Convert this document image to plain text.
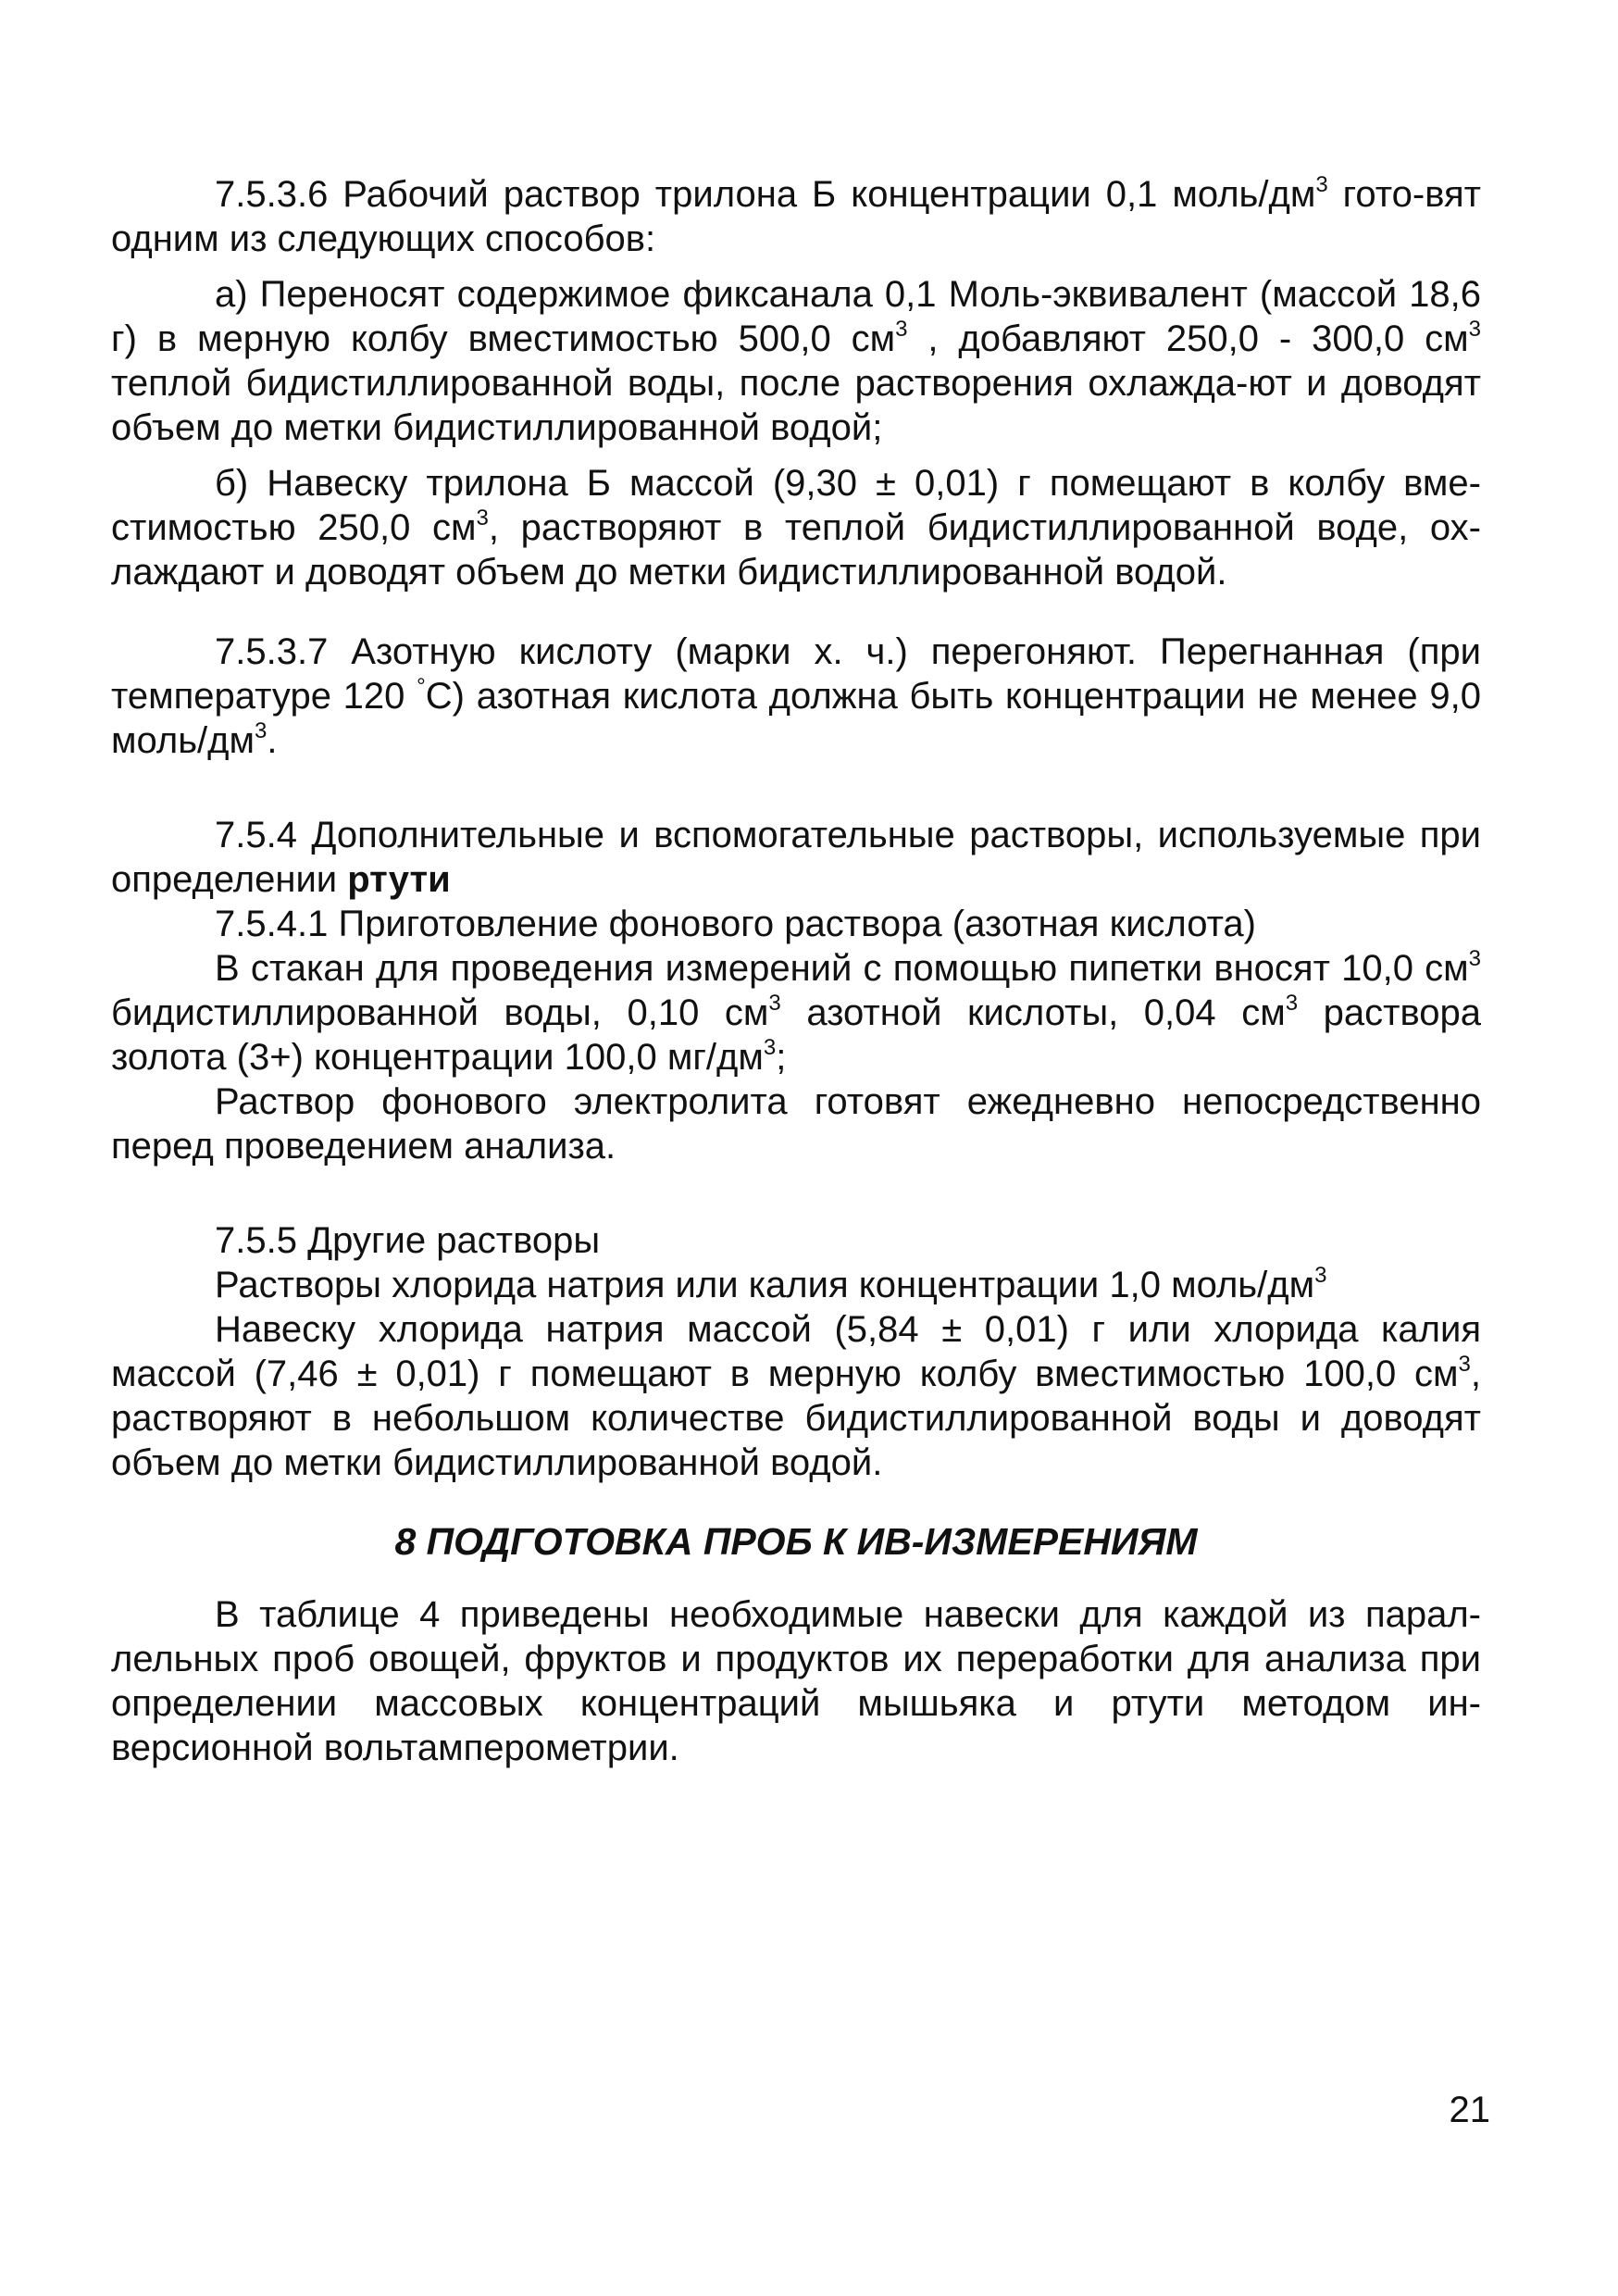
7.5.3.6 Рабочий раствор трилона Б концентрации 0,1 моль/$дм^3$ гото-вят одним из следующих способов:

а) Переносят содержимое фиксанала 0,1 Моль-эквивалент (массой 18,6 г) в мерную колбу вместимостью 500,0 $см^3$ , добавляют 250,0 - 300,0 $см^3$ теплой бидистиллированной воды, после растворения охлажда-ют и доводят объем до метки бидистиллированной водой;

б) Навеску трилона Б массой (9,30 ± 0,01) г помещают в колбу вме-стимостью 250,0 $см^3$, растворяют в теплой бидистиллированной воде, ох-лаждают и доводят объем до метки бидистиллированной водой.

7.5.3.7 Азотную кислоту (марки х. ч.) перегоняют. Перегнанная (при температуре 120 °С) азотная кислота должна быть концентрации не менее 9,0 моль/$дм^3$.

7.5.4 Дополнительные и вспомогательные растворы, используемые при определении ртути

7.5.4.1 Приготовление фонового раствора (азотная кислота)

В стакан для проведения измерений с помощью пипетки вносят 10,0 $см^3$ бидистиллированной воды, 0,10 $см^3$ азотной кислоты, 0,04 $см^3$ раствора золота (3+) концентрации 100,0 $мг/дм^3$;

Раствор фонового электролита готовят ежедневно непосредственно перед проведением анализа.

7.5.5 Другие растворы

Растворы хлорида натрия или калия концентрации 1,0 моль/$дм^3$

Навеску хлорида натрия массой (5,84 ± 0,01) г или хлорида калия массой (7,46 ± 0,01) г помещают в мерную колбу вместимостью 100,0 $см^3$, растворяют в небольшом количестве бидистиллированной воды и доводят объем до метки бидистиллированной водой.

8 ПОДГОТОВКА ПРОБ К ИВ-ИЗМЕРЕНИЯМ

В таблице 4 приведены необходимые навески для каждой из парал-лельных проб овощей, фруктов и продуктов их переработки для анализа при определении массовых концентраций мышьяка и ртути методом ин-версионной вольтамперометрии.

21
